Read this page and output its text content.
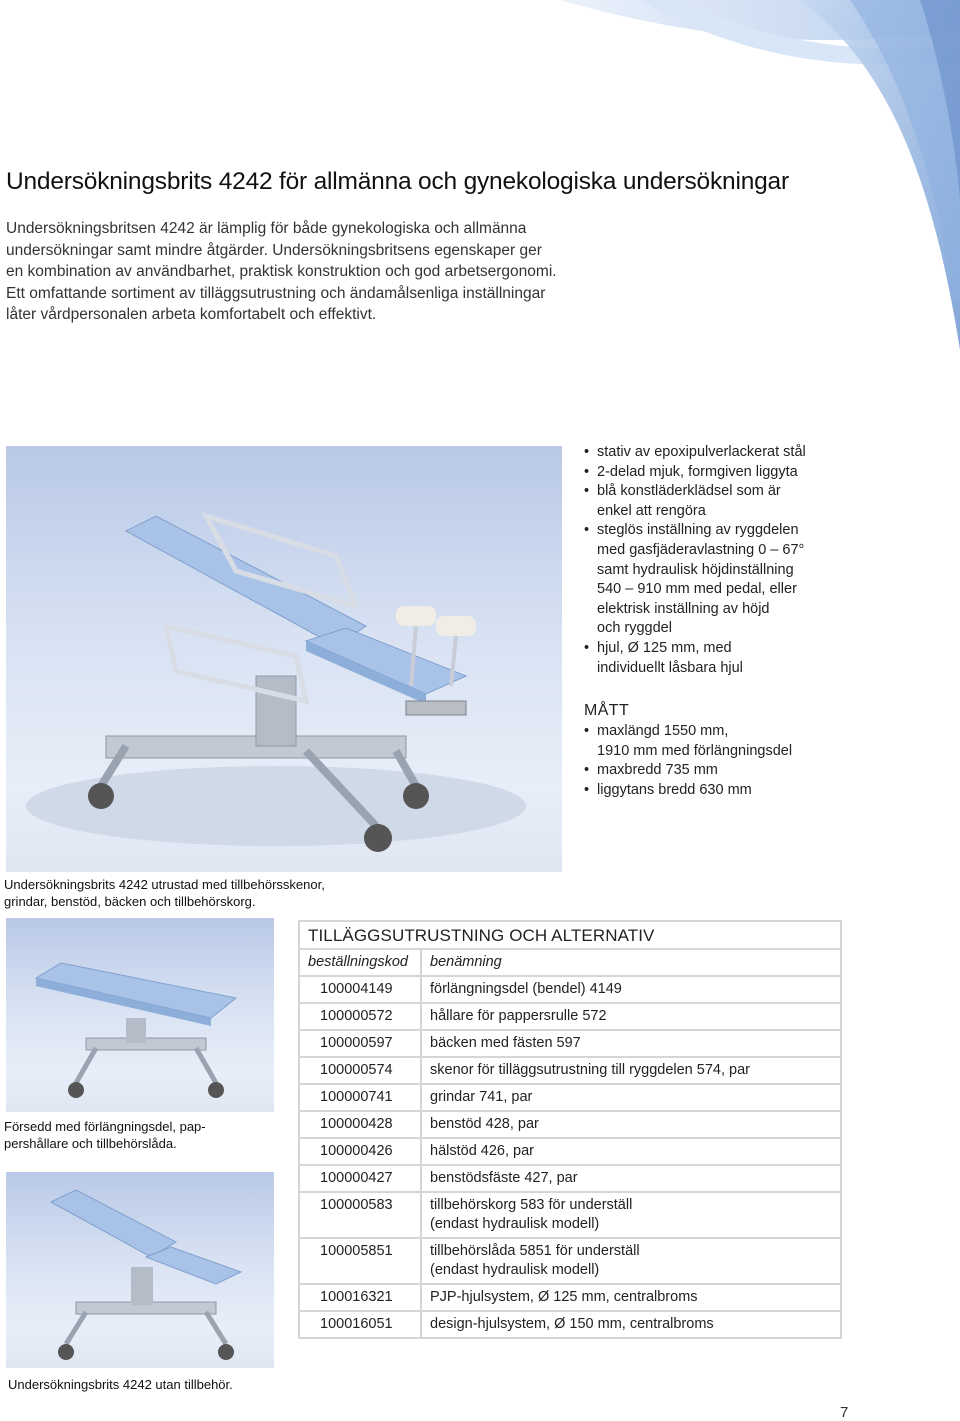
Undersökningsbrits 4242 för allmänna och gynekologiska undersökningar

Undersökningsbritsen 4242 är lämplig för både gynekologiska och allmänna

undersökningar samt mindre åtgärder. Undersökningsbritsens egenskaper ger

en kombination av användbarhet, praktisk konstruktion och god arbetsergonomi.

Ett omfattande sortiment av tilläggsutrustning och ändamålsenliga inställningar

låter vårdpersonalen arbeta komfortabelt och effektivt.

Undersökningsbrits 4242 utrustad med tillbehörsskenor,
grindar, benstöd, bäcken och tillbehörskorg.
• stativ av epoxipulverlackerat stål
• 2-delad mjuk, formgiven liggyta
• blå konstläderklädsel som är
enkel att rengöra
• steglös inställning av ryggdelen
med gasfjäderavlastning 0 – 67°
samt hydraulisk höjdinställning
540 – 910 mm med pedal, eller
elektrisk inställning av höjd
och ryggdel
• hjul, Ø 125 mm, med
individuellt låsbara hjul
MÅTT
• maxlängd 1550 mm,
1910 mm med förlängningsdel
• maxbredd 735 mm
• liggytans bredd 630 mm
Försedd med förlängningsdel, pap-
pershållare och tillbehörslåda.
Undersökningsbrits 4242 utan tillbehör.
TILLÄGGSUTRUSTNING OCH ALTERNATIV	
beställningskod	benämning
100004149	förlängningsdel (bendel) 4149
100000572	hållare för pappersrulle 572
100000597	bäcken med fästen 597
100000574	skenor för tilläggsutrustning till ryggdelen 574, par
100000741	grindar 741, par
100000428	benstöd 428, par
100000426	hälstöd 426, par
100000427	benstödsfäste 427, par
100000583	tillbehörskorg 583 för underställ
(endast hydraulisk modell)

100005851	tillbehörslåda 5851 för underställ
(endast hydraulisk modell)

100016321	PJP-hjulsystem, Ø 125 mm, centralbroms
100016051	design-hjulsystem, Ø 150 mm, centralbroms
7
